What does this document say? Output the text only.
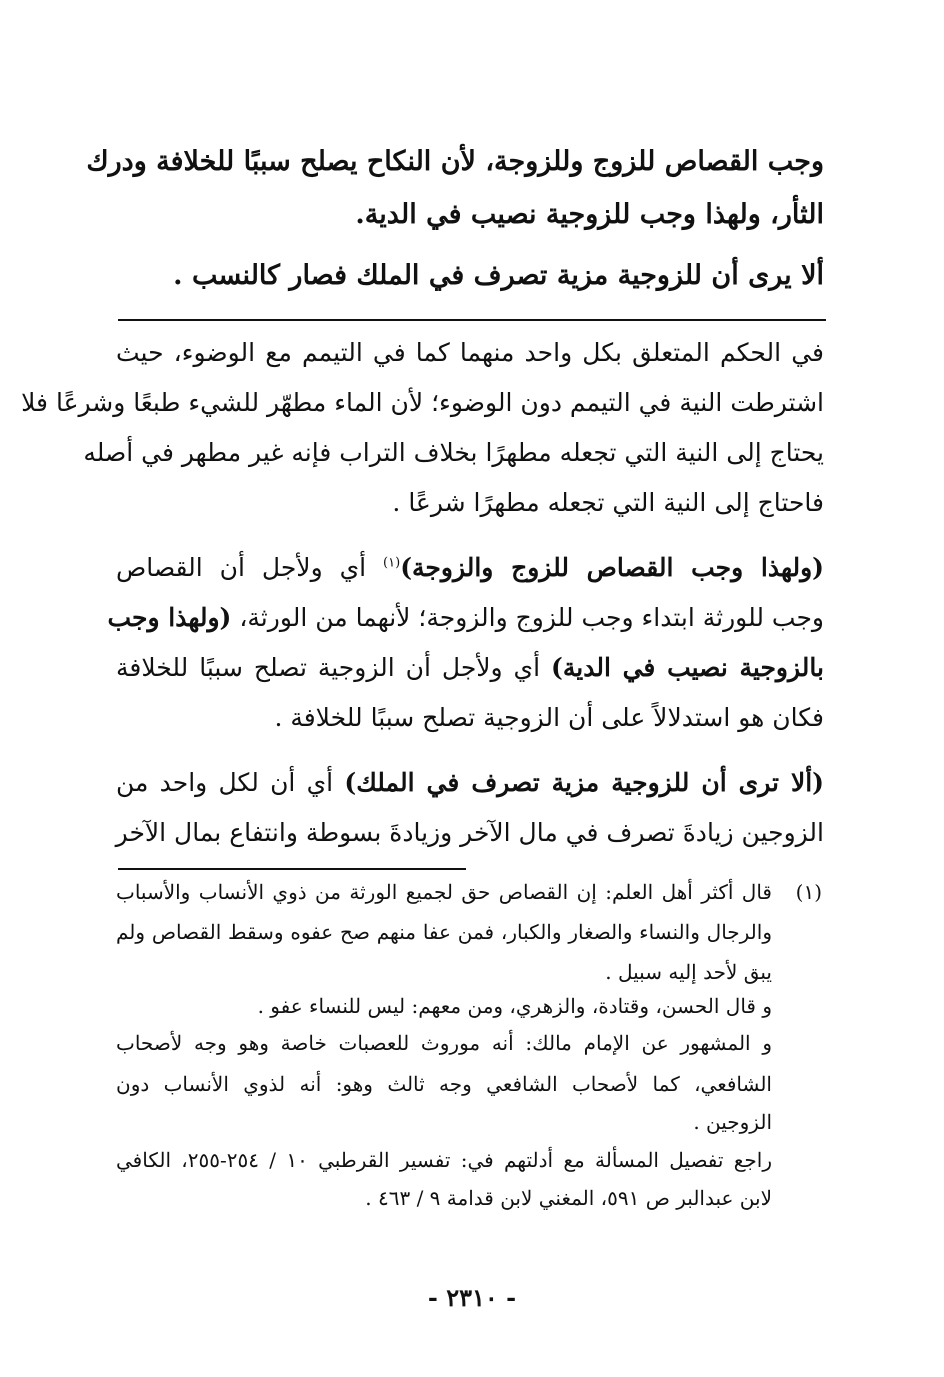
وجب القصاص للزوج وللزوجة، لأن النكاح يصلح سببًا للخلافة ودرك
الثأر، ولهذا وجب للزوجية نصيب في الدية.
ألا يرى أن للزوجية مزية تصرف في الملك فصار كالنسب .
في الحكم المتعلق بكل واحد منهما كما في التيمم مع الوضوء، حيث
اشترطت النية في التيمم دون الوضوء؛ لأن الماء مطهّر للشيء طبعًا وشرعًا فلا
يحتاج إلى النية التي تجعله مطهرًا بخلاف التراب فإنه غير مطهر في أصله
فاحتاج إلى النية التي تجعله مطهرًا شرعًا .
(ولهذا وجب القصاص للزوج والزوجة)$^{(١)}$ أي ولأجل أن القصاص
وجب للورثة ابتداء وجب للزوج والزوجة؛ لأنهما من الورثة، (ولهذا وجب
بالزوجية نصيب في الدية) أي ولأجل أن الزوجية تصلح سببًا للخلافة
فكان هو استدلالاً على أن الزوجية تصلح سببًا للخلافة .
(ألا ترى أن للزوجية مزية تصرف في الملك) أي أن لكل واحد من
الزوجين زيادةَ تصرف في مال الآخر وزيادةَ بسوطة وانتفاع بمال الآخر
(١)
قال أكثر أهل العلم: إن القصاص حق لجميع الورثة من ذوي الأنساب والأسباب
والرجال والنساء والصغار والكبار، فمن عفا منهم صح عفوه وسقط القصاص ولم
يبق لأحد إليه سبيل .
و قال الحسن، وقتادة، والزهري، ومن معهم: ليس للنساء عفو .
و المشهور عن الإمام مالك: أنه موروث للعصبات خاصة وهو وجه لأصحاب
الشافعي، كما لأصحاب الشافعي وجه ثالث وهو: أنه لذوي الأنساب دون
الزوجين .
راجع تفصيل المسألة مع أدلتهم في: تفسير القرطبي ١٠ / ٢٥٤-٢٥٥، الكافي
لابن عبدالبر ص ٥٩١، المغني لابن قدامة ٩ / ٤٦٣ .
- ٢٣١٠ -
